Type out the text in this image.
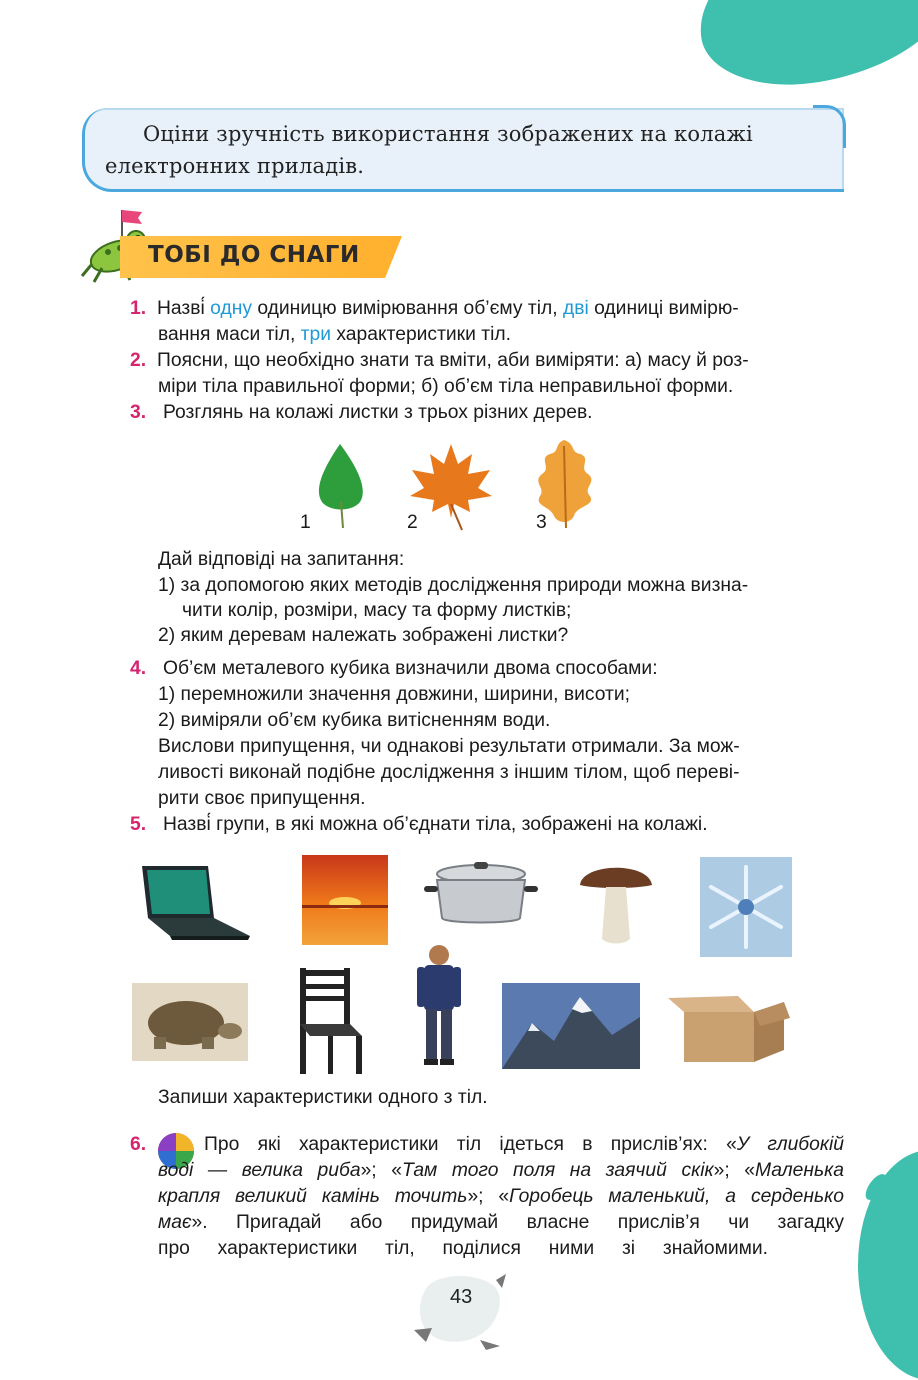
Оціни зручність використання зображених на колажі електронних приладів.
ТОБІ ДО СНАГИ
1. Назві́ одну одиницю вимірювання об’єму тіл, дві одиниці вимірю-
вання маси тіл, три характеристики тіл.
2. Поясни, що необхідно знати та вміти, аби виміряти: а) масу й роз-
міри тіла правильної форми; б) об’єм тіла неправильної форми.
3. Розглянь на колажі листки з трьох різних дерев.
1	2	3
Дай відповіді на запитання:
1) за допомогою яких методів дослідження природи можна визна-
чити колір, розміри, масу та форму листків;
2) яким деревам належать зображені листки?
4. Об’єм металевого кубика визначили двома способами:
1) перемножили значення довжини, ширини, висоти;
2) виміряли об’єм кубика витісненням води.
Вислови припущення, чи однакові результати отримали. За мож-
ливості виконай подібне дослідження з іншим тілом, щоб переві-
рити своє припущення.
5. Назві́ групи, в які можна об’єднати тіла, зображені на колажі.
Запиши характеристики одного з тіл.
6.	Про які характеристики тіл ідеться в прислів’ях: «У глибокій
воді — велика риба»; «Там того поля на заячий скік»; «Маленька
крапля великий камінь точить»; «Горобець маленький, а серденько
має». Пригадай або придумай власне прислів’я чи загадку
про характеристики тіл, поділися ними зі знайомими.
43
